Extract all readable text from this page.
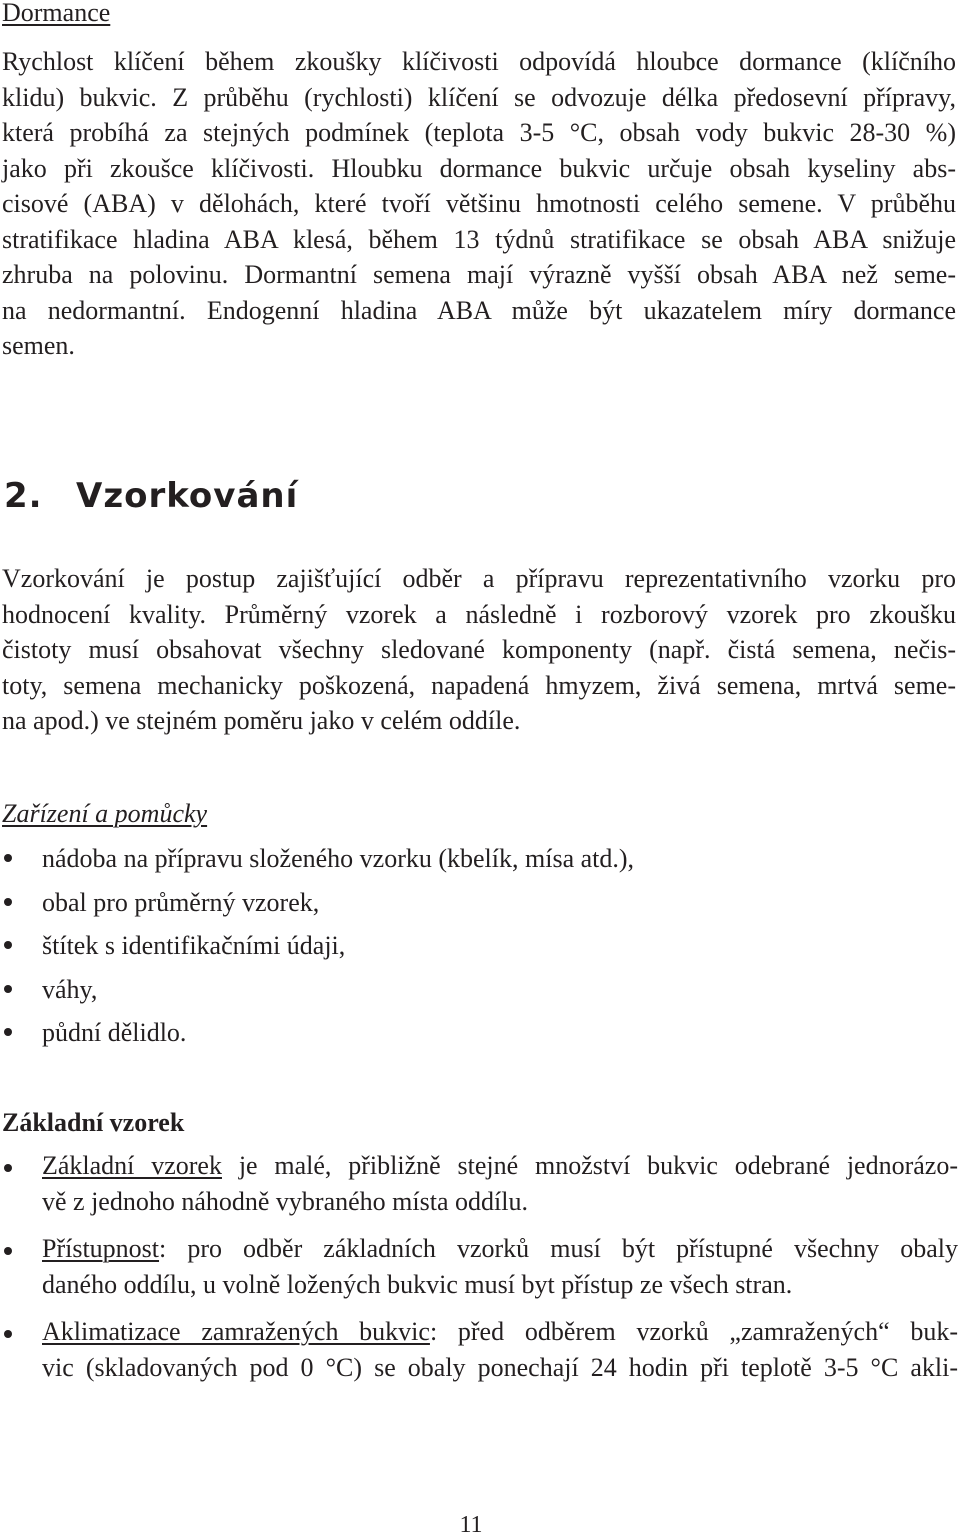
Dormance

Rychlost klíčení během zkoušky klíčivosti odpovídá hloubce dormance (klíčního
klidu) bukvic. Z průběhu (rychlosti) klíčení se odvozuje délka předosevní přípravy,
která probíhá za stejných podmínek (teplota 3-5 °C, obsah vody bukvic 28-30 %)
jako při zkoušce klíčivosti. Hloubku dormance bukvic určuje obsah kyseliny abs-
cisové (ABA) v dělohách, které tvoří většinu hmotnosti celého semene. V průběhu
stratifikace hladina ABA klesá, během 13 týdnů stratifikace se obsah ABA snižuje
zhruba na polovinu. Dormantní semena mají výrazně vyšší obsah ABA než seme-
na nedormantní. Endogenní hladina ABA může být ukazatelem míry dormance
semen.

2. Vzorkování

Vzorkování je postup zajišťující odběr a přípravu reprezentativního vzorku pro
hodnocení kvality. Průměrný vzorek a následně i rozborový vzorek pro zkoušku
čistoty musí obsahovat všechny sledované komponenty (např. čistá semena, nečis-
toty, semena mechanicky poškozená, napadená hmyzem, živá semena, mrtvá seme-
na apod.) ve stejném poměru jako v celém oddíle.

Zařízení a pomůcky
nádoba na přípravu složeného vzorku (kbelík, mísa atd.),
obal pro průměrný vzorek,
štítek s identifikačními údaji,
váhy,
půdní dělidlo.
Základní vzorek
Základní vzorek je malé, přibližně stejné množství bukvic odebrané jednorázo-
vě z jednoho náhodně vybraného místa oddílu.
Přístupnost: pro odběr základních vzorků musí být přístupné všechny obaly
daného oddílu, u volně ložených bukvic musí byt přístup ze všech stran.
Aklimatizace zamražených bukvic: před odběrem vzorků „zamražených“ buk-
vic (skladovaných pod 0 °C) se obaly ponechají 24 hodin při teplotě 3-5 °C akli-

11
